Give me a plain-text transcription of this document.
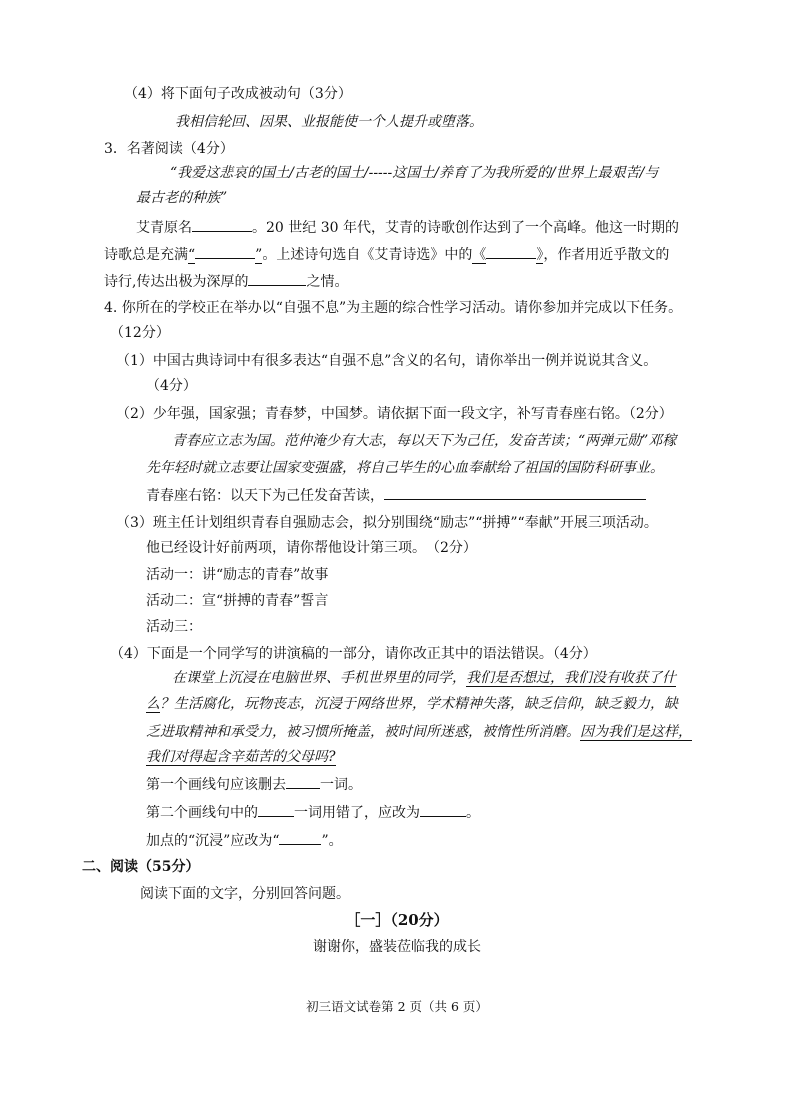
（4）将下面句子改成被动句（3分）
我相信轮回、因果、业报能使一个人提升或堕落。
3．名著阅读（4分）
“我爱这悲哀的国土/古老的国土/-----这国土/养育了为我所爱的/世界上最艰苦/与
最古老的种族”
艾青原名	。20 世纪 30 年代，艾青的诗歌创作达到了一个高峰。他这一时期的
诗歌总是充满“	”。上述诗句选自《艾青诗选》中的《	》，作者用近乎散文的
诗行,传达出极为深厚的	之情。
4. 你所在的学校正在举办以“自强不息”为主题的综合性学习活动。请你参加并完成以下任务。
（12分）
（1）中国古典诗词中有很多表达“自强不息”含义的名句，请你举出一例并说说其含义。
（4分）
（2）少年强，国家强；青春梦，中国梦。请依据下面一段文字，补写青春座右铭。（2分）
青春应立志为国。范仲淹少有大志，每以天下为己任，发奋苦读；“两弹元勋”邓稼
先年轻时就立志要让国家变强盛，将自己毕生的心血奉献给了祖国的国防科研事业。
青春座右铭：以天下为己任发奋苦读，
（3）班主任计划组织青春自强励志会，拟分别围绕“励志”“拼搏”“奉献”开展三项活动。
他已经设计好前两项，请你帮他设计第三项。　（2分）
活动一：讲“励志的青春”故事
活动二：宣“拼搏的青春”誓言
活动三：
（4）下面是一个同学写的讲演稿的一部分，请你改正其中的语法错误。（4分）
在课堂上沉浸在电脑世界、手机世界里的同学，我们是否想过，我们没有收获了什
么？生活腐化，玩物丧志，沉浸于网络世界，学术精神失落，缺乏信仰，缺乏毅力，缺
乏进取精神和承受力，被习惯所掩盖，被时间所迷惑，被惰性所消磨。因为我们是这样，
我们对得起含辛茹苦的父母吗?
第一个画线句应该删去 一词。
第二个画线句中的	一词用错了，应改为	。
加点的“沉浸”应改为“	”。
二、阅读（55分）
阅读下面的文字，分别回答问题。
［一］（20分）
谢谢你，盛装莅临我的成长
初三语文试卷第 2 页（共 6 页）
